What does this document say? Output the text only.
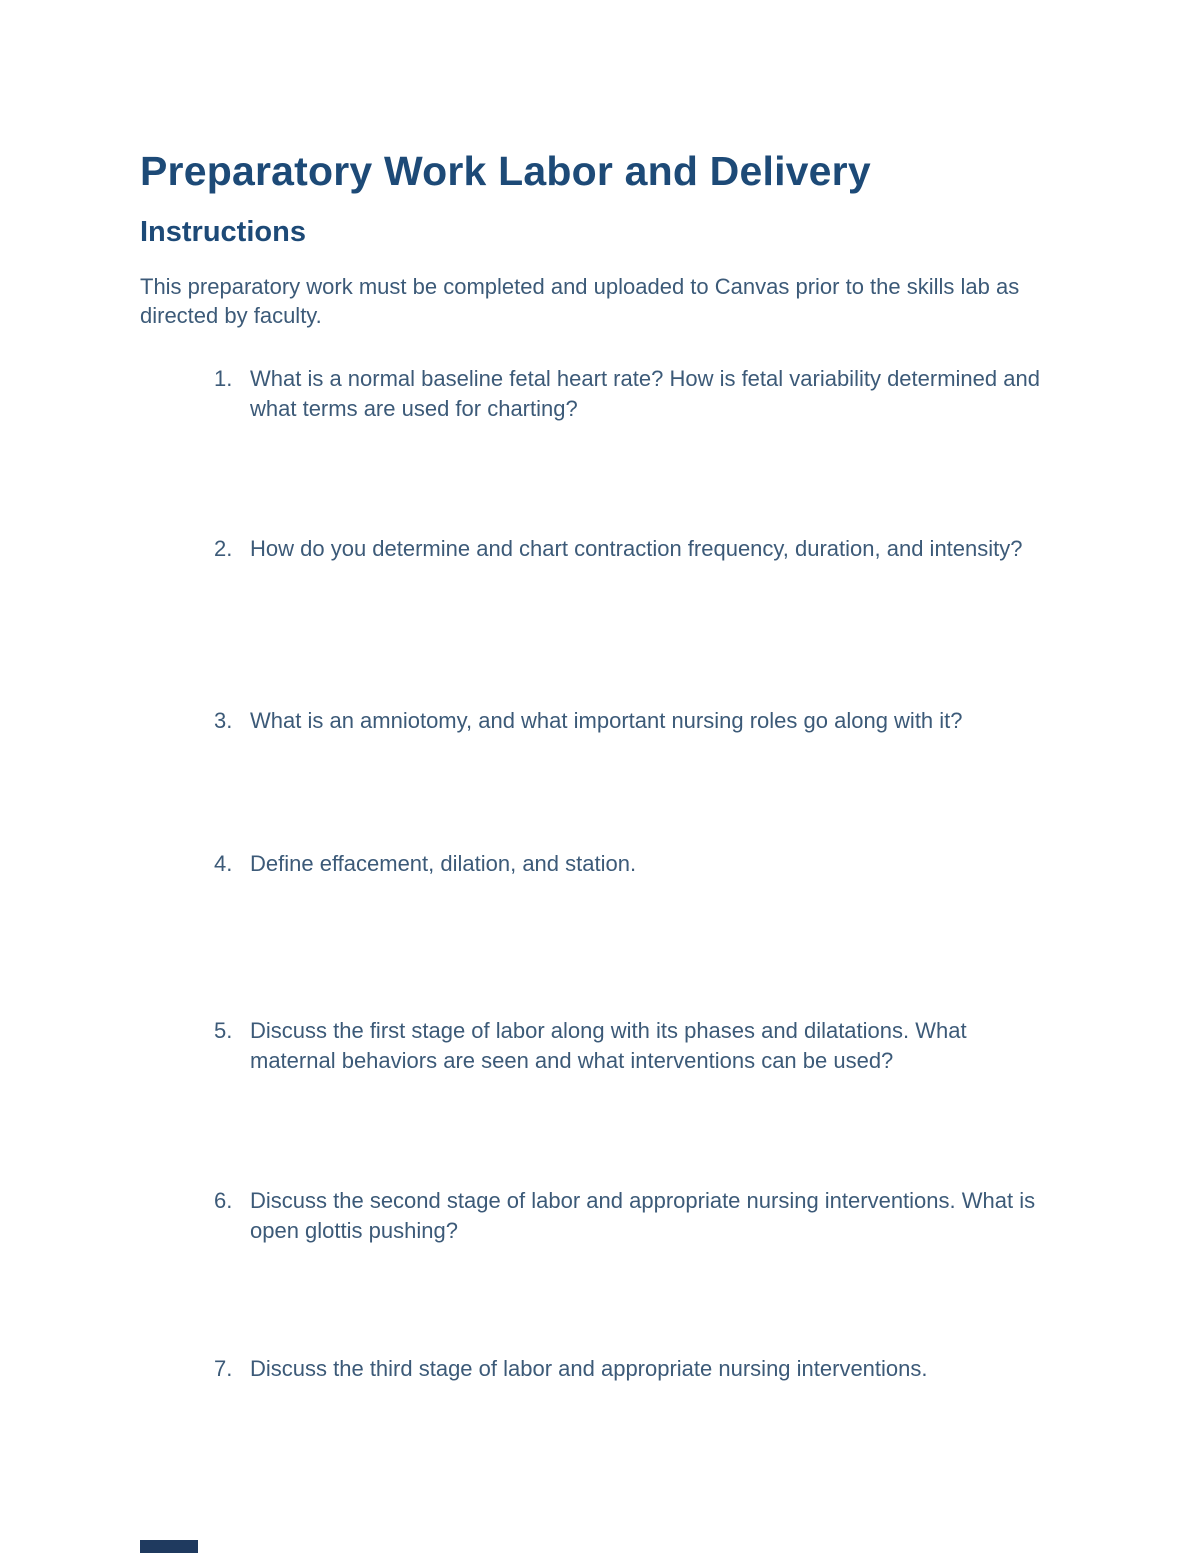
Preparatory Work Labor and Delivery
Instructions

This preparatory work must be completed and uploaded to Canvas prior to the skills lab as directed by faculty.

1. What is a normal baseline fetal heart rate? How is fetal variability determined and what terms are used for charting?
2. How do you determine and chart contraction frequency, duration, and intensity?
3. What is an amniotomy, and what important nursing roles go along with it?
4. Define effacement, dilation, and station.
5. Discuss the first stage of labor along with its phases and dilatations. What maternal behaviors are seen and what interventions can be used?
6. Discuss the second stage of labor and appropriate nursing interventions. What is open glottis pushing?
7. Discuss the third stage of labor and appropriate nursing interventions.
